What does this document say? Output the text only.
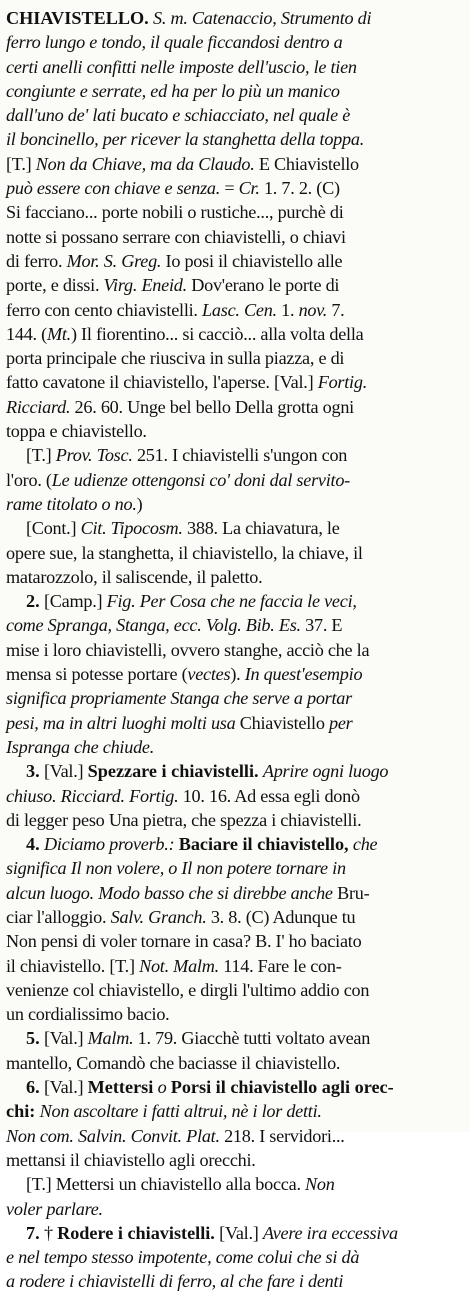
CHIAVISTELLO. S. m. Catenaccio, Strumento di
ferro lungo e tondo, il quale ficcandosi dentro a
certi anelli confitti nelle imposte dell'uscio, le tien
congiunte e serrate, ed ha per lo più un manico
dall'uno de' lati bucato e schiacciato, nel quale è
il boncinello, per ricever la stanghetta della toppa.
[T.] Non da Chiave, ma da Claudo. E Chiavistello
può essere con chiave e senza. = Cr. 1. 7. 2. (C)
Si facciano... porte nobili o rustiche..., purchè di
notte si possano serrare con chiavistelli, o chiavi
di ferro. Mor. S. Greg. Io posi il chiavistello alle
porte, e dissi. Virg. Eneid. Dov'erano le porte di
ferro con cento chiavistelli. Lasc. Cen. 1. nov. 7.
144. (Mt.) Il fiorentino... si cacciò... alla volta della
porta principale che riusciva in sulla piazza, e di
fatto cavatone il chiavistello, l'aperse. [Val.] Fortig.
Ricciard. 26. 60. Unge bel bello Della grotta ogni
toppa e chiavistello.
[T.] Prov. Tosc. 251. I chiavistelli s'ungon con
l'oro. (Le udienze ottengonsi co' doni dal servito-
rame titolato o no.)
[Cont.] Cit. Tipocosm. 388. La chiavatura, le
opere sue, la stanghetta, il chiavistello, la chiave, il
matarozzolo, il saliscende, il paletto.
2. [Camp.] Fig. Per Cosa che ne faccia le veci,
come Spranga, Stanga, ecc. Volg. Bib. Es. 37. E
mise i loro chiavistelli, ovvero stanghe, acciò che la
mensa si potesse portare (vectes). In quest'esempio
significa propriamente Stanga che serve a portar
pesi, ma in altri luoghi molti usa Chiavistello per
Ispranga che chiude.
3. [Val.] Spezzare i chiavistelli. Aprire ogni luogo
chiuso. Ricciard. Fortig. 10. 16. Ad essa egli donò
di legger peso Una pietra, che spezza i chiavistelli.
4. Diciamo proverb.: Baciare il chiavistello, che
significa Il non volere, o Il non potere tornare in
alcun luogo. Modo basso che si direbbe anche Bru-
ciar l'alloggio. Salv. Granch. 3. 8. (C) Adunque tu
Non pensi di voler tornare in casa? B. I' ho baciato
il chiavistello. [T.] Not. Malm. 114. Fare le con-
venienze col chiavistello, e dirgli l'ultimo addio con
un cordialissimo bacio.
5. [Val.] Malm. 1. 79. Giacchè tutti voltato avean
mantello, Comandò che baciasse il chiavistello.
6. [Val.] Mettersi o Porsi il chiavistello agli orec-
chi: Non ascoltare i fatti altrui, nè i lor detti.
Non com. Salvin. Convit. Plat. 218. I servidori...
mettansi il chiavistello agli orecchi.
[T.] Mettersi un chiavistello alla bocca. Non
voler parlare.
7. † Rodere i chiavistelli. [Val.] Avere ira eccessiva
e nel tempo stesso impotente, come colui che si dà
a rodere i chiavistelli di ferro, al che fare i denti
